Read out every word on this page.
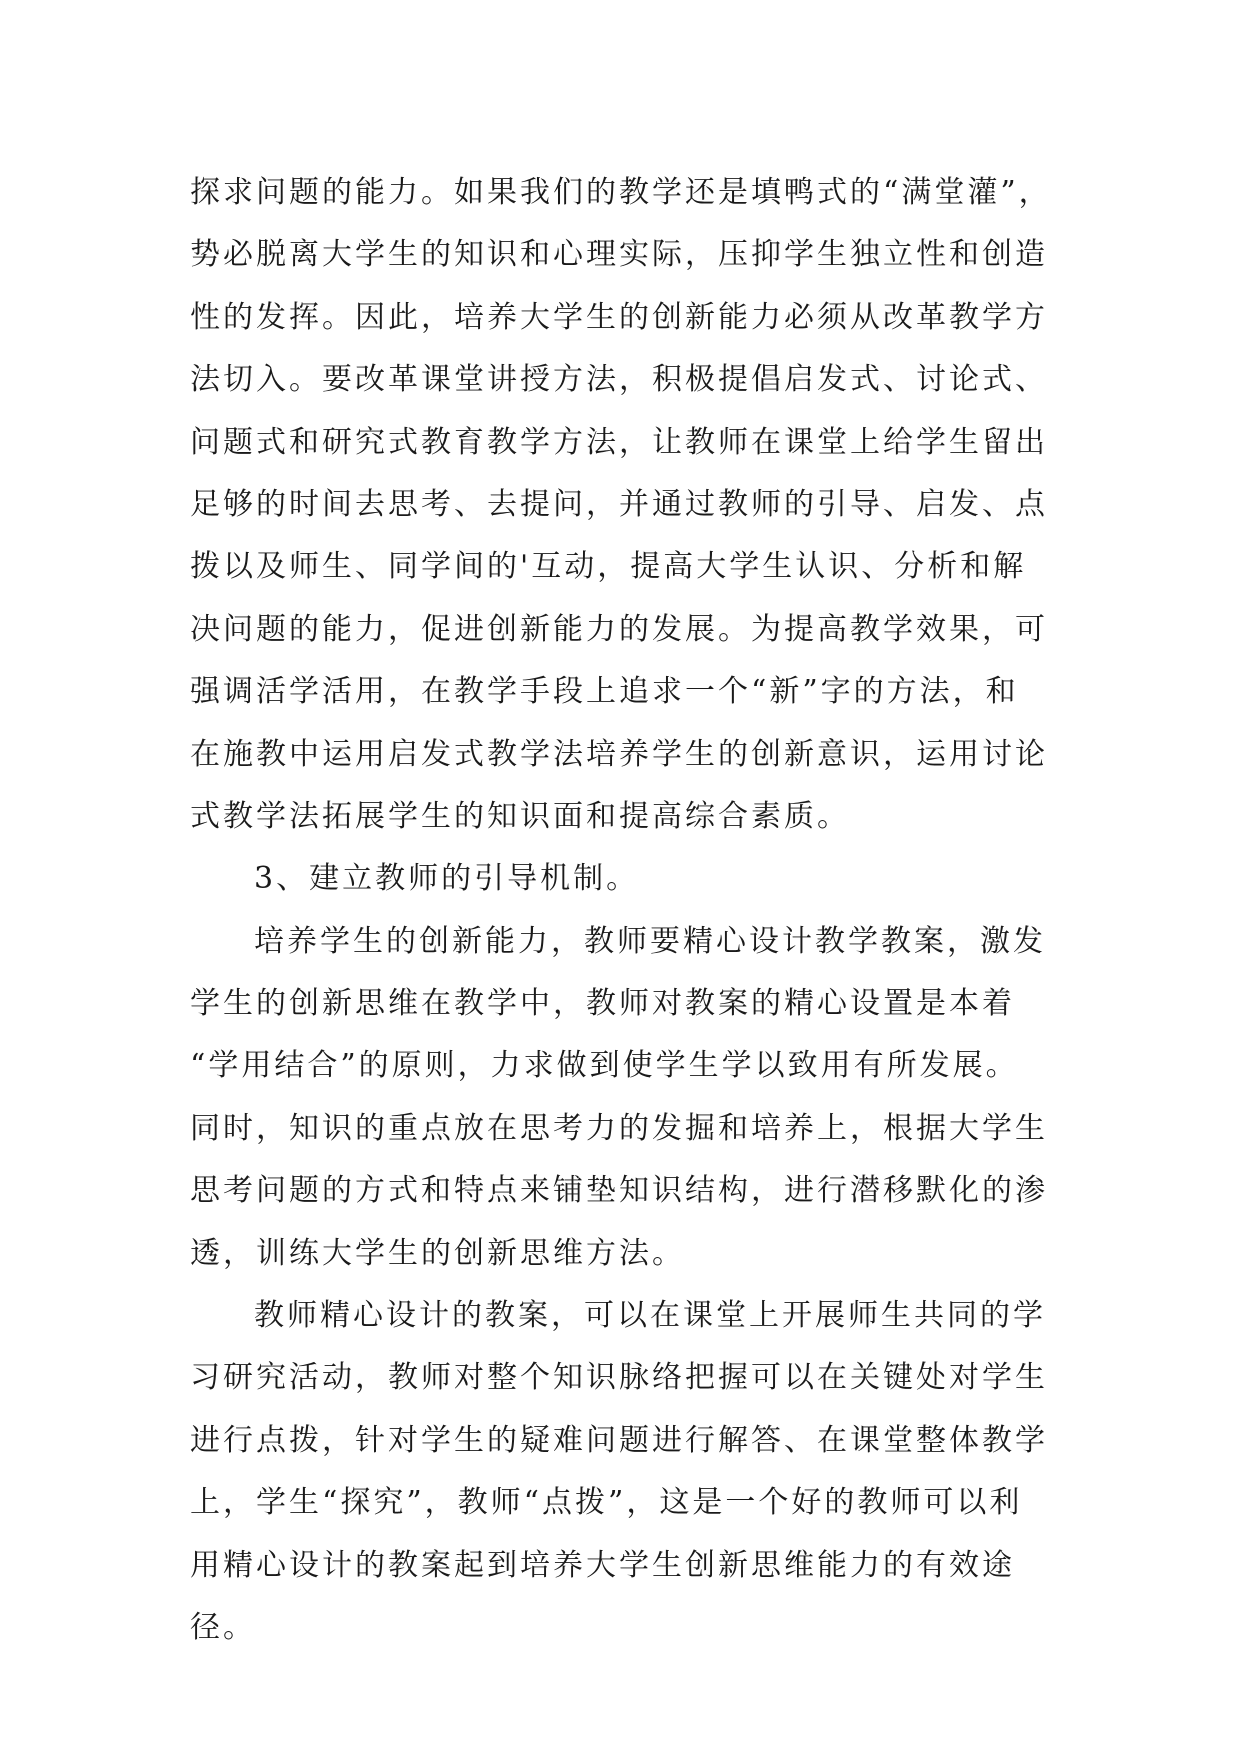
探求问题的能力。如果我们的教学还是填鸭式的“满堂灌”，
势必脱离大学生的知识和心理实际，压抑学生独立性和创造
性的发挥。因此，培养大学生的创新能力必须从改革教学方
法切入。要改革课堂讲授方法，积极提倡启发式、讨论式、
问题式和研究式教育教学方法，让教师在课堂上给学生留出
足够的时间去思考、去提问，并通过教师的引导、启发、点
拨以及师生、同学间的'互动，提高大学生认识、分析和解
决问题的能力，促进创新能力的发展。为提高教学效果，可
强调活学活用，在教学手段上追求一个“新”字的方法，和
在施教中运用启发式教学法培养学生的创新意识，运用讨论
式教学法拓展学生的知识面和提高综合素质。
3、建立教师的引导机制。
培养学生的创新能力，教师要精心设计教学教案，激发
学生的创新思维在教学中，教师对教案的精心设置是本着
“学用结合”的原则，力求做到使学生学以致用有所发展。
同时，知识的重点放在思考力的发掘和培养上，根据大学生
思考问题的方式和特点来铺垫知识结构，进行潜移默化的渗
透，训练大学生的创新思维方法。
教师精心设计的教案，可以在课堂上开展师生共同的学
习研究活动，教师对整个知识脉络把握可以在关键处对学生
进行点拨，针对学生的疑难问题进行解答、在课堂整体教学
上，学生“探究”，教师“点拨”，这是一个好的教师可以利
用精心设计的教案起到培养大学生创新思维能力的有效途
径。
